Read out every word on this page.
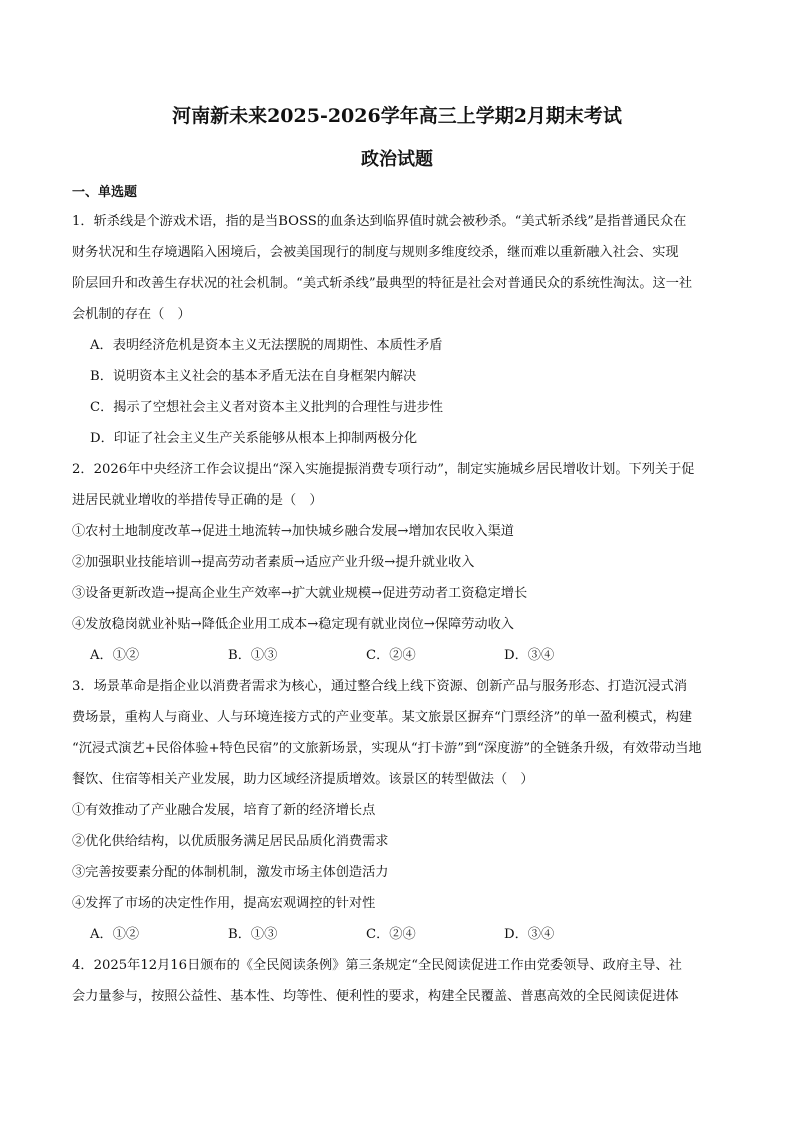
河南新未来2025-2026学年高三上学期2月期末考试
政治试题
一、单选题
1．斩杀线是个游戏术语，指的是当BOSS的血条达到临界值时就会被秒杀。“美式斩杀线”是指普通民众在
财务状况和生存境遇陷入困境后，会被美国现行的制度与规则多维度绞杀，继而难以重新融入社会、实现
阶层回升和改善生存状况的社会机制。“美式斩杀线”最典型的特征是社会对普通民众的系统性淘汰。这一社
会机制的存在（　）
A．表明经济危机是资本主义无法摆脱的周期性、本质性矛盾
B．说明资本主义社会的基本矛盾无法在自身框架内解决
C．揭示了空想社会主义者对资本主义批判的合理性与进步性
D．印证了社会主义生产关系能够从根本上抑制两极分化
2．2026年中央经济工作会议提出“深入实施提振消费专项行动”，制定实施城乡居民增收计划。下列关于促
进居民就业增收的举措传导正确的是（　）
①农村土地制度改革→促进土地流转→加快城乡融合发展→增加农民收入渠道
②加强职业技能培训→提高劳动者素质→适应产业升级→提升就业收入
③设备更新改造→提高企业生产效率→扩大就业规模→促进劳动者工资稳定增长
④发放稳岗就业补贴→降低企业用工成本→稳定现有就业岗位→保障劳动收入
A．①②	B．①③	C．②④	D．③④
3．场景革命是指企业以消费者需求为核心，通过整合线上线下资源、创新产品与服务形态、打造沉浸式消
费场景，重构人与商业、人与环境连接方式的产业变革。某文旅景区摒弃“门票经济”的单一盈利模式，构建
“沉浸式演艺+民俗体验+特色民宿”的文旅新场景，实现从“打卡游”到“深度游”的全链条升级，有效带动当地
餐饮、住宿等相关产业发展，助力区域经济提质增效。该景区的转型做法（　）
①有效推动了产业融合发展，培育了新的经济增长点
②优化供给结构，以优质服务满足居民品质化消费需求
③完善按要素分配的体制机制，激发市场主体创造活力
④发挥了市场的决定性作用，提高宏观调控的针对性
A．①②	B．①③	C．②④	D．③④
4．2025年12月16日颁布的《全民阅读条例》第三条规定“全民阅读促进工作由党委领导、政府主导、社
会力量参与，按照公益性、基本性、均等性、便利性的要求，构建全民覆盖、普惠高效的全民阅读促进体
